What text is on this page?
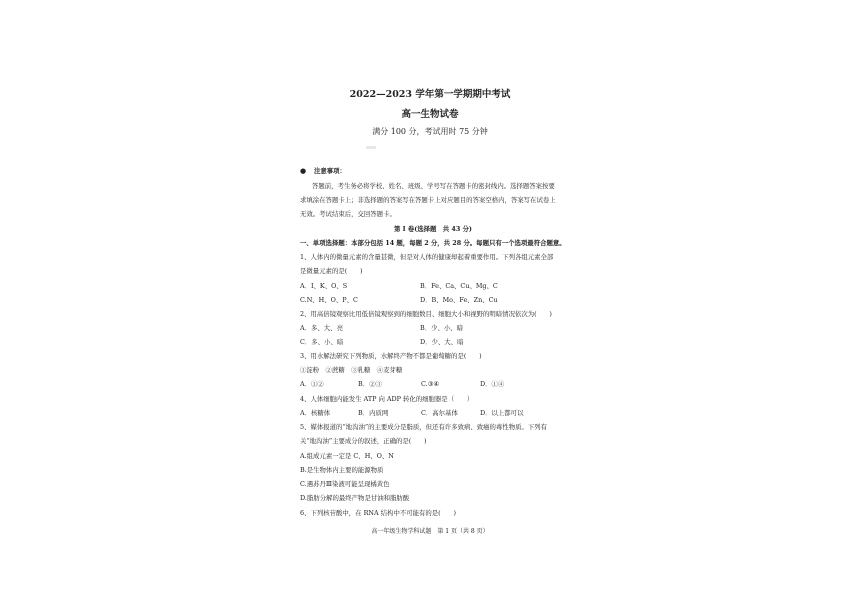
2022—2023 学年第一学期期中考试
高一生物试卷
满分 100 分，考试用时 75 分钟
● 注意事项：
答题前，考生务必将学校、姓名、班级、学号写在答题卡的密封线内。选择题答案按要
求填涂在答题卡上；非选择题的答案写在答题卡上对应题目的答案空格内，答案写在试卷上
无效。考试结束后，交回答题卡。
第 I 卷(选择题　共 43 分)
一、单项选择题：本部分包括 14 题，每题 2 分，共 28 分。每题只有一个选项最符合题意。
1、人体内的微量元素的含量甚微，但是对人体的健康却起着重要作用。下列各组元素全部
是微量元素的是(　　)
A．I、K、O、S	B．Fe、Ca、Cu、Mg、C
C.N、H、O、P、C	D．B、Mo、Fe、Zn、Cu
2、用高倍镜观察比用低倍镜观察到的细胞数目、细胞大小和视野的明暗情况依次为(　　)
A．多、大、亮	B．少、小、暗
C．多、小、暗	D．少、大、暗
3、用水解法研究下列物质，水解终产物不都是葡萄糖的是(　　)
①淀粉　②蔗糖　③乳糖　④麦芽糖
A．①②	B．②③	C.③④	D．①④
4、人体细胞内能发生 ATP 向 ADP 转化的细胞器是（　　）
A．核糖体	B．内质网	C．高尔基体	D．以上都可以
5、媒体报道的“地沟油”的主要成分是脂质，但还有许多致病、致癌的毒性物质。下列有
关“地沟油”主要成分的叙述，正确的是(　　)
A.组成元素一定是 C、H、O、N
B.是生物体内主要的能源物质
C.遇苏丹Ⅲ染液可能呈现橘黄色
D.脂肪分解的最终产物是甘油和脂肪酸
6、下列核苷酸中，在 RNA 结构中不可能有的是(　　)
高一年级生物学科试题　第 1 页（共 8 页）
